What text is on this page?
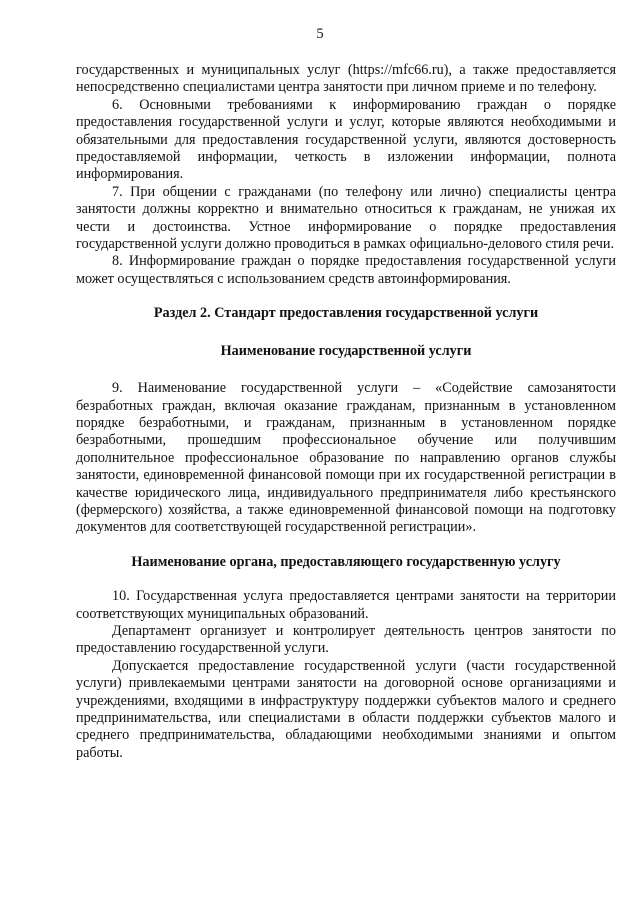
5

государственных и муниципальных услуг (https://mfc66.ru), а также предоставляется непосредственно специалистами центра занятости при личном приеме и по телефону.

6. Основными требованиями к информированию граждан о порядке предоставления государственной услуги и услуг, которые являются необходимыми и обязательными для предоставления государственной услуги, являются достоверность предоставляемой информации, четкость в изложении информации, полнота информирования.

7. При общении с гражданами (по телефону или лично) специалисты центра занятости должны корректно и внимательно относиться к гражданам, не унижая их чести и достоинства. Устное информирование о порядке предоставления государственной услуги должно проводиться в рамках официально-делового стиля речи.

8. Информирование граждан о порядке предоставления государственной услуги может осуществляться с использованием средств автоинформирования.

Раздел 2. Стандарт предоставления государственной услуги

Наименование государственной услуги

9. Наименование государственной услуги – «Содействие самозанятости безработных граждан, включая оказание гражданам, признанным в установленном порядке безработными, и гражданам, признанным в установленном порядке безработными, прошедшим профессиональное обучение или получившим дополнительное профессиональное образование по направлению органов службы занятости, единовременной финансовой помощи при их государственной регистрации в качестве юридического лица, индивидуального предпринимателя либо крестьянского (фермерского) хозяйства, а также единовременной финансовой помощи на подготовку документов для соответствующей государственной регистрации».

Наименование органа, предоставляющего государственную услугу

10. Государственная услуга предоставляется центрами занятости на территории соответствующих муниципальных образований.

Департамент организует и контролирует деятельность центров занятости по предоставлению государственной услуги.

Допускается предоставление государственной услуги (части государственной услуги) привлекаемыми центрами занятости на договорной основе организациями и учреждениями, входящими в инфраструктуру поддержки субъектов малого и среднего предпринимательства, или специалистами в области поддержки субъектов малого и среднего предпринимательства, обладающими необходимыми знаниями и опытом работы.
